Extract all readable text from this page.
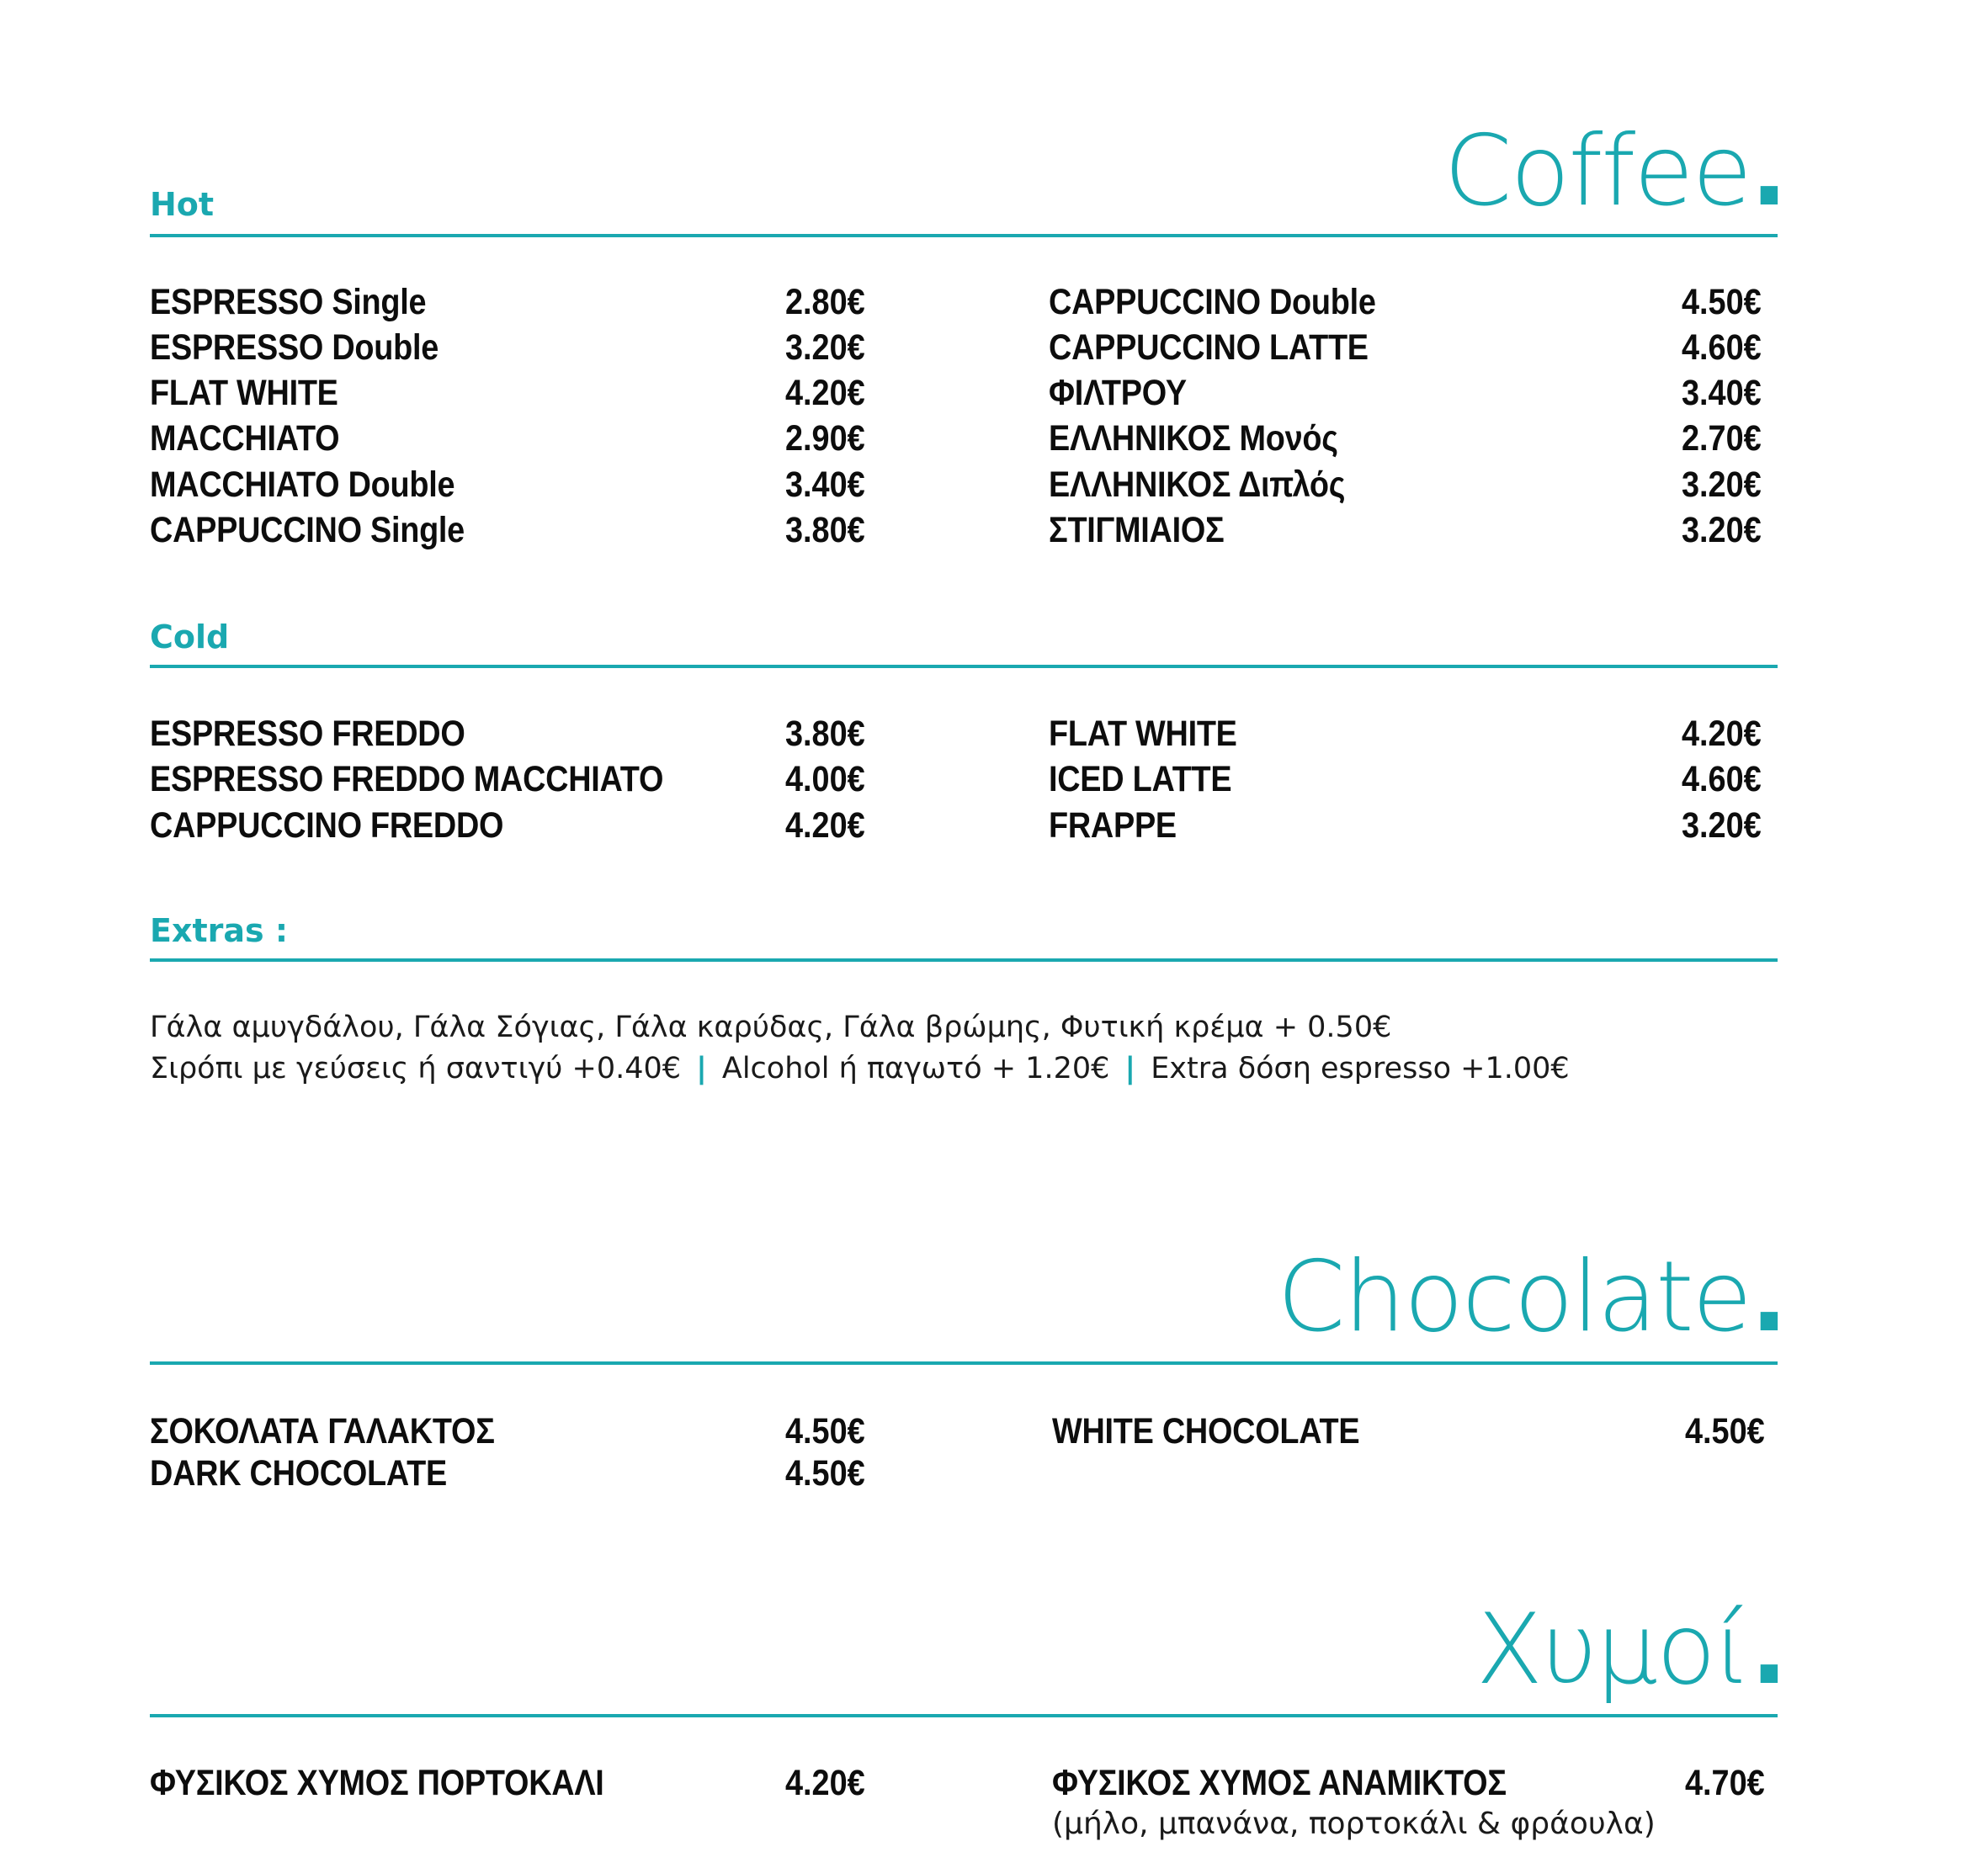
Coffee.
Hot
ESPRESSO Single	2.80€
ESPRESSO Double	3.20€
FLAT WHITE	4.20€
MACCHIATO	2.90€
MACCHIATO Double	3.40€
CAPPUCCINO Single	3.80€
CAPPUCCINO Double	4.50€
CAPPUCCINO LATTE	4.60€
ΦΙΛΤΡΟΥ	3.40€
ΕΛΛΗΝΙΚΟΣ Μονός	2.70€
ΕΛΛΗΝΙΚΟΣ Διπλός	3.20€
ΣΤΙΓΜΙΑΙΟΣ	3.20€
Cold
ESPRESSO FREDDO	3.80€
ESPRESSO FREDDO MACCHIATO	4.00€
CAPPUCCINO FREDDO	4.20€
FLAT WHITE	4.20€
ICED LATTE	4.60€
FRAPPE	3.20€
Extras :
Γάλα αμυγδάλου, Γάλα Σόγιας, Γάλα καρύδας, Γάλα βρώμης, Φυτική κρέμα + 0.50€
Σιρόπι με γεύσεις ή σαντιγύ +0.40€ | Alcohol ή παγωτό + 1.20€ | Extra δόση espresso +1.00€
Chocolate.
ΣΟΚΟΛΑΤΑ ΓΑΛΑΚΤΟΣ	4.50€
DARK CHOCOLATE	4.50€
WHITE CHOCOLATE	4.50€
Χυμοί.
ΦΥΣΙΚΟΣ ΧΥΜΟΣ ΠΟΡΤΟΚΑΛΙ	4.20€	ΦΥΣΙΚΟΣ ΧΥΜΟΣ ΑΝΑΜΙΚΤΟΣ	4.70€
(μήλο, μπανάνα, πορτοκάλι & φράουλα)
